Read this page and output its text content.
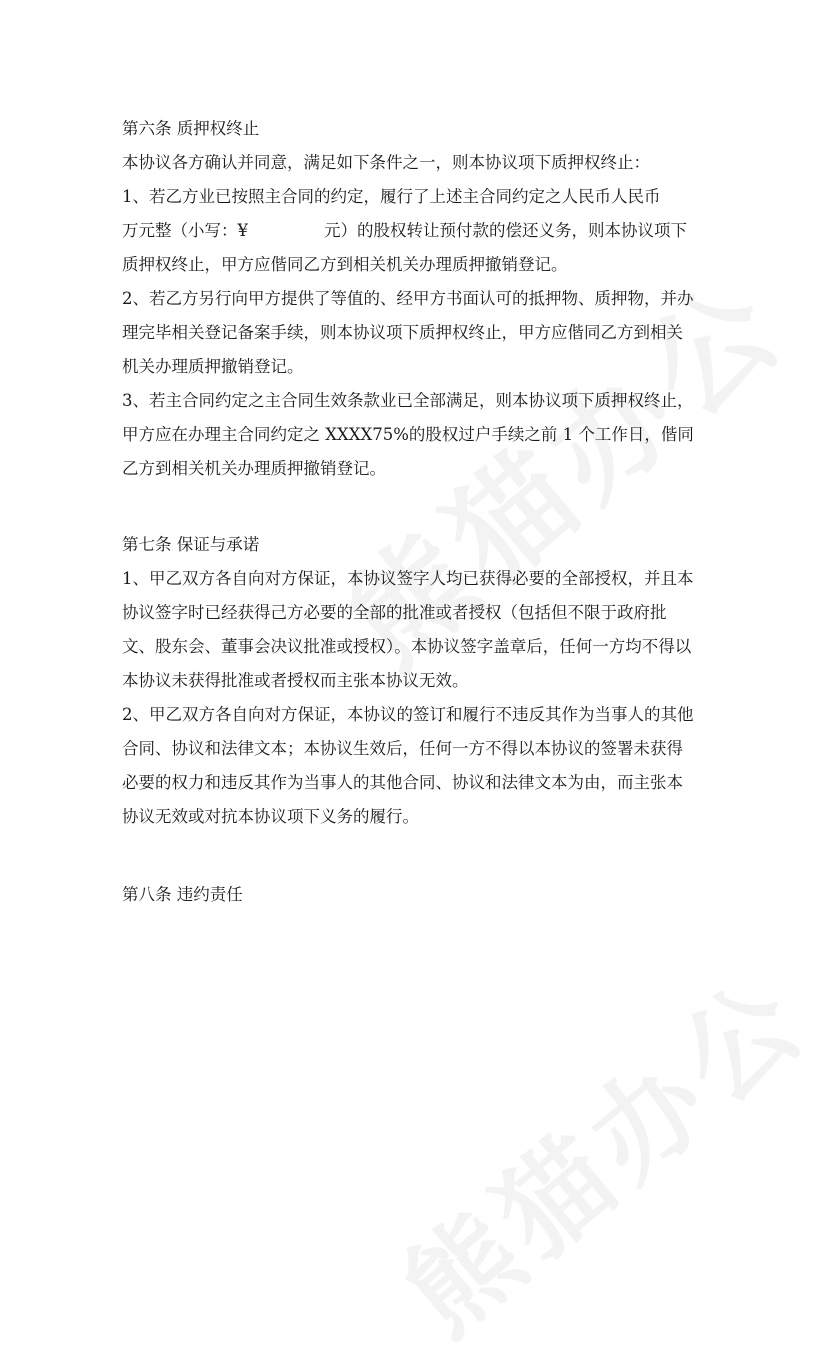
第六条 质押权终止
本协议各方确认并同意，满足如下条件之一，则本协议项下质押权终止：
1、若乙方业已按照主合同的约定，履行了上述主合同约定之人民币人民币
万元整（小写：¥	元）的股权转让预付款的偿还义务，则本协议项下
质押权终止，甲方应偕同乙方到相关机关办理质押撤销登记。
2、若乙方另行向甲方提供了等值的、经甲方书面认可的抵押物、质押物，并办
理完毕相关登记备案手续，则本协议项下质押权终止，甲方应偕同乙方到相关
机关办理质押撤销登记。
3、若主合同约定之主合同生效条款业已全部满足，则本协议项下质押权终止，
甲方应在办理主合同约定之 XXXX75%的股权过户手续之前 1 个工作日，偕同
乙方到相关机关办理质押撤销登记。
第七条 保证与承诺
1、甲乙双方各自向对方保证，本协议签字人均已获得必要的全部授权，并且本
协议签字时已经获得己方必要的全部的批准或者授权（包括但不限于政府批
文、股东会、董事会决议批准或授权）。本协议签字盖章后，任何一方均不得以
本协议未获得批准或者授权而主张本协议无效。
2、甲乙双方各自向对方保证，本协议的签订和履行不违反其作为当事人的其他
合同、协议和法律文本；本协议生效后，任何一方不得以本协议的签署未获得
必要的权力和违反其作为当事人的其他合同、协议和法律文本为由，而主张本
协议无效或对抗本协议项下义务的履行。
第八条 违约责任
